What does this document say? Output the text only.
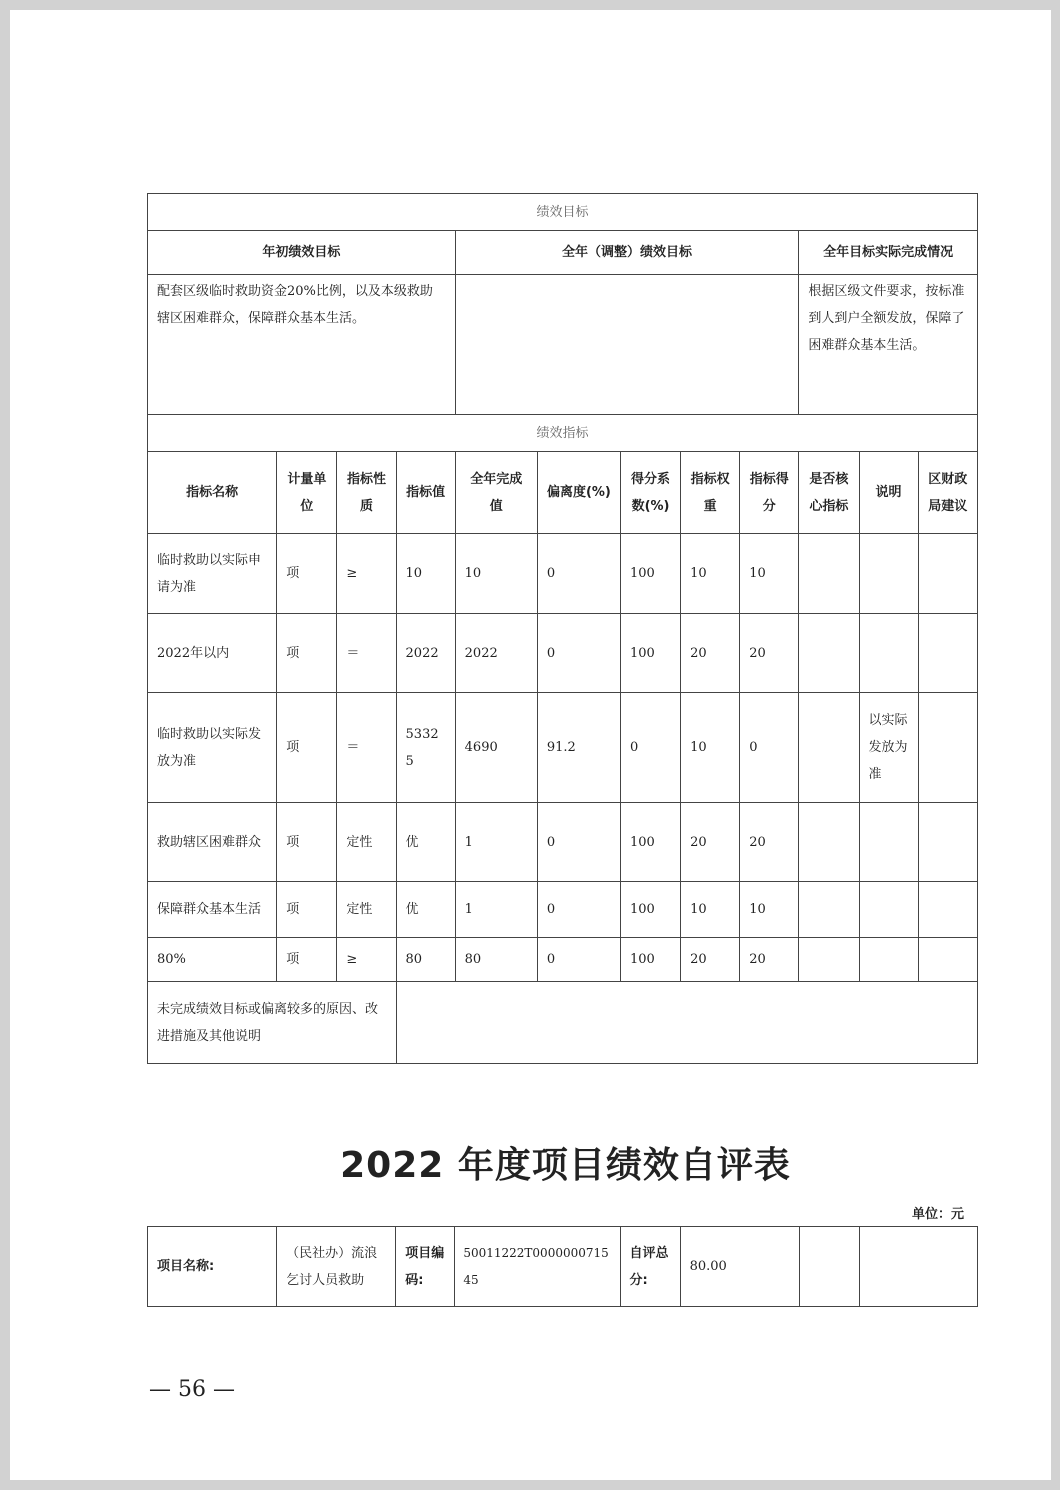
绩效目标											
年初绩效目标				全年（调整）绩效目标					全年目标实际完成情况		
配套区级临时救助资金20%比例，以及本级救助辖区困难群众，保障群众基本生活。									根据区级文件要求，按标准到人到户全额发放，保障了困难群众基本生活。		
绩效指标											
指标名称	计量单位	指标性质	指标值	全年完成值	偏离度(%)	得分系数(%)	指标权重	指标得分	是否核心指标	说明	区财政局建议
临时救助以实际申请为准	项	≥	10	10	0	100	10	10			
2022年以内	项	＝	2022	2022	0	100	20	20			
临时救助以实际发放为准	项	＝	53325	4690	91.2	0	10	0		以实际发放为准	
救助辖区困难群众	项	定性	优	1	0	100	20	20			
保障群众基本生活	项	定性	优	1	0	100	10	10			
80%	项	≥	80	80	0	100	20	20			
未完成绩效目标或偏离较多的原因、改进措施及其他说明											
2022 年度项目绩效自评表
单位：元
项目名称:	（民社办）流浪乞讨人员救助	项目编码:	50011222T000000071545	自评总分:	80.00		
— 56 —
